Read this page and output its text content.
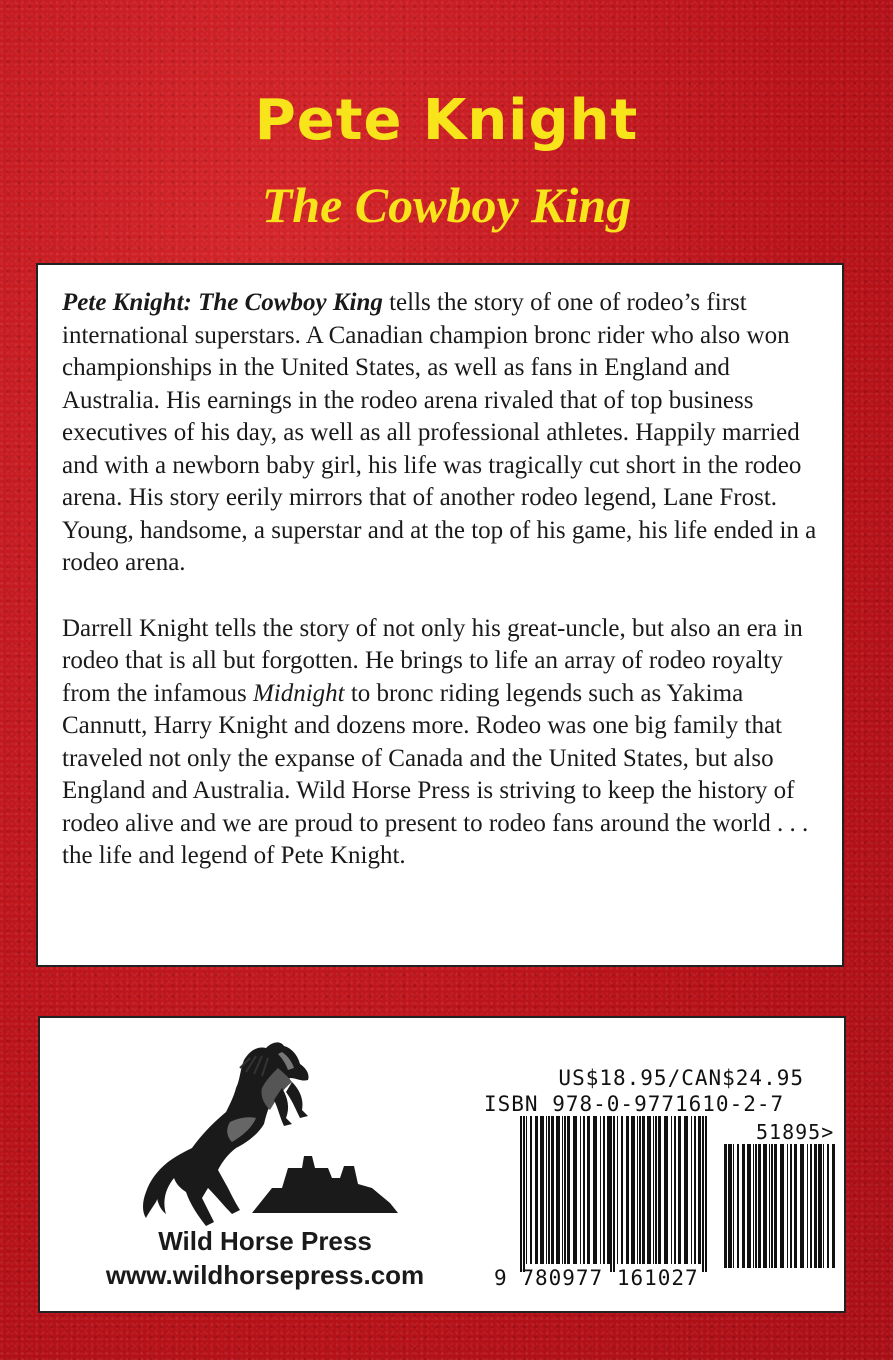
Pete Knight
The Cowboy King

Pete Knight: The Cowboy King tells the story of one of rodeo’s first international superstars. A Canadian champion bronc rider who also won championships in the United States, as well as fans in England and Australia. His earnings in the rodeo arena rivaled that of top business executives of his day, as well as all professional athletes. Happily married and with a newborn baby girl, his life was tragically cut short in the rodeo arena. His story eerily mirrors that of another rodeo legend, Lane Frost. Young, handsome, a superstar and at the top of his game, his life ended in a rodeo arena.

Darrell Knight tells the story of not only his great-uncle, but also an era in rodeo that is all but forgotten. He brings to life an array of rodeo royalty from the infamous Midnight to bronc riding legends such as Yakima Cannutt, Harry Knight and dozens more. Rodeo was one big family that traveled not only the expanse of Canada and the United States, but also England and Australia. Wild Horse Press is striving to keep the history of rodeo alive and we are proud to present to rodeo fans around the world . . . the life and legend of Pete Knight.

Wild Horse Press

www.wildhorsepress.com

US$18.95/CAN$24.95

ISBN 978-0-9771610-2-7

51895>

9 780977 161027
